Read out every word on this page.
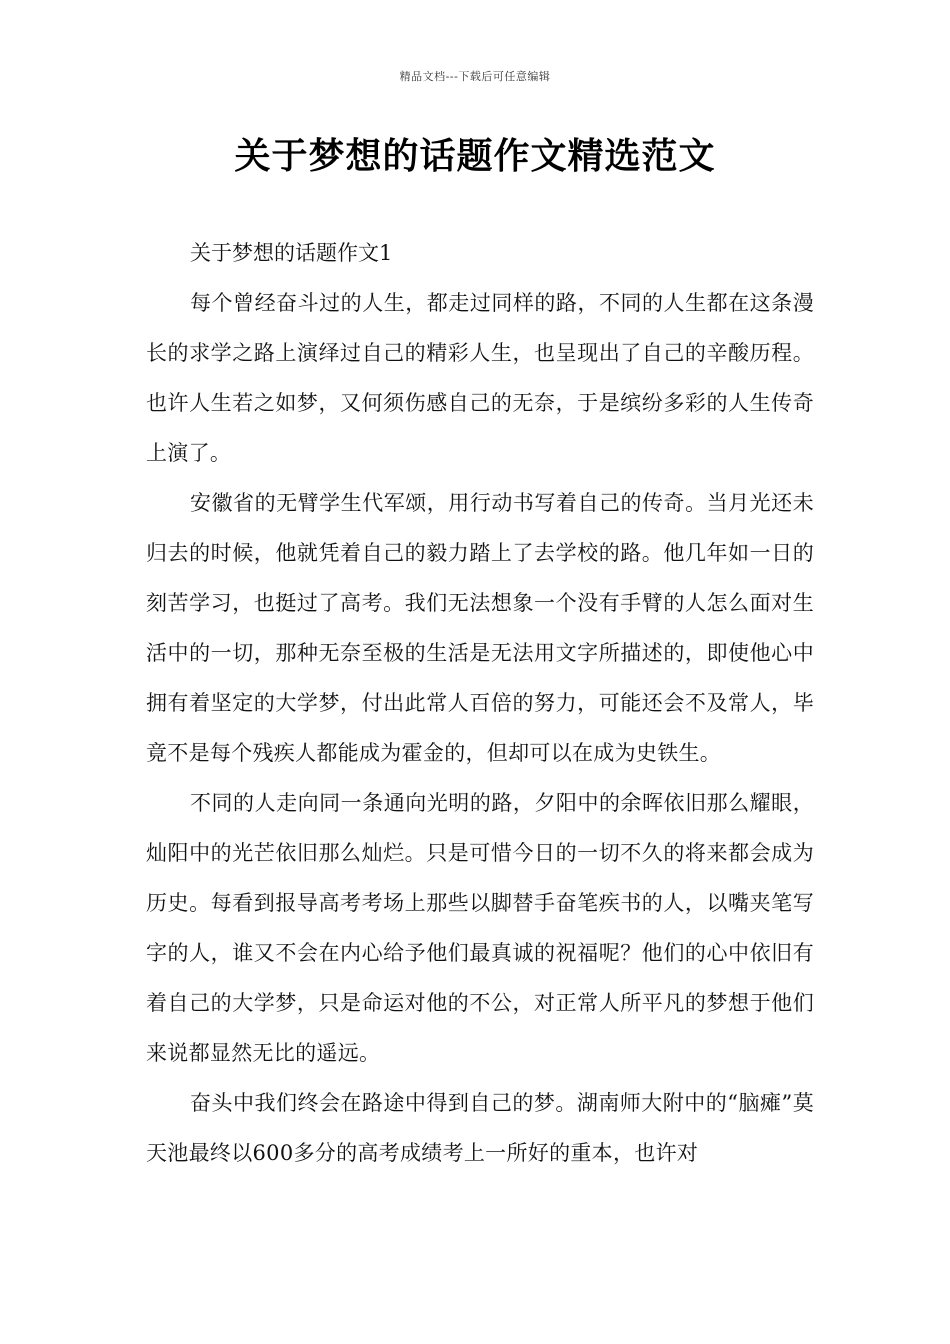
精品文档---下载后可任意编辑
关于梦想的话题作文精选范文

关于梦想的话题作文1

每个曾经奋斗过的人生，都走过同样的路，不同的人生都在这条漫长的求学之路上演绎过自己的精彩人生，也呈现出了自己的辛酸历程。也许人生若之如梦，又何须伤感自己的无奈，于是缤纷多彩的人生传奇上演了。

安徽省的无臂学生代军颂，用行动书写着自己的传奇。当月光还未归去的时候，他就凭着自己的毅力踏上了去学校的路。他几年如一日的刻苦学习，也挺过了高考。我们无法想象一个没有手臂的人怎么面对生活中的一切，那种无奈至极的生活是无法用文字所描述的，即使他心中拥有着坚定的大学梦，付出此常人百倍的努力，可能还会不及常人，毕竟不是每个残疾人都能成为霍金的，但却可以在成为史铁生。

不同的人走向同一条通向光明的路，夕阳中的余晖依旧那么耀眼，灿阳中的光芒依旧那么灿烂。只是可惜今日的一切不久的将来都会成为历史。每看到报导高考考场上那些以脚替手奋笔疾书的人，以嘴夹笔写字的人，谁又不会在内心给予他们最真诚的祝福呢？他们的心中依旧有着自己的大学梦，只是命运对他的不公，对正常人所平凡的梦想于他们来说都显然无比的遥远。

奋头中我们终会在路途中得到自己的梦。湖南师大附中的“脑瘫”莫天池最终以600多分的高考成绩考上一所好的重本，也许对
